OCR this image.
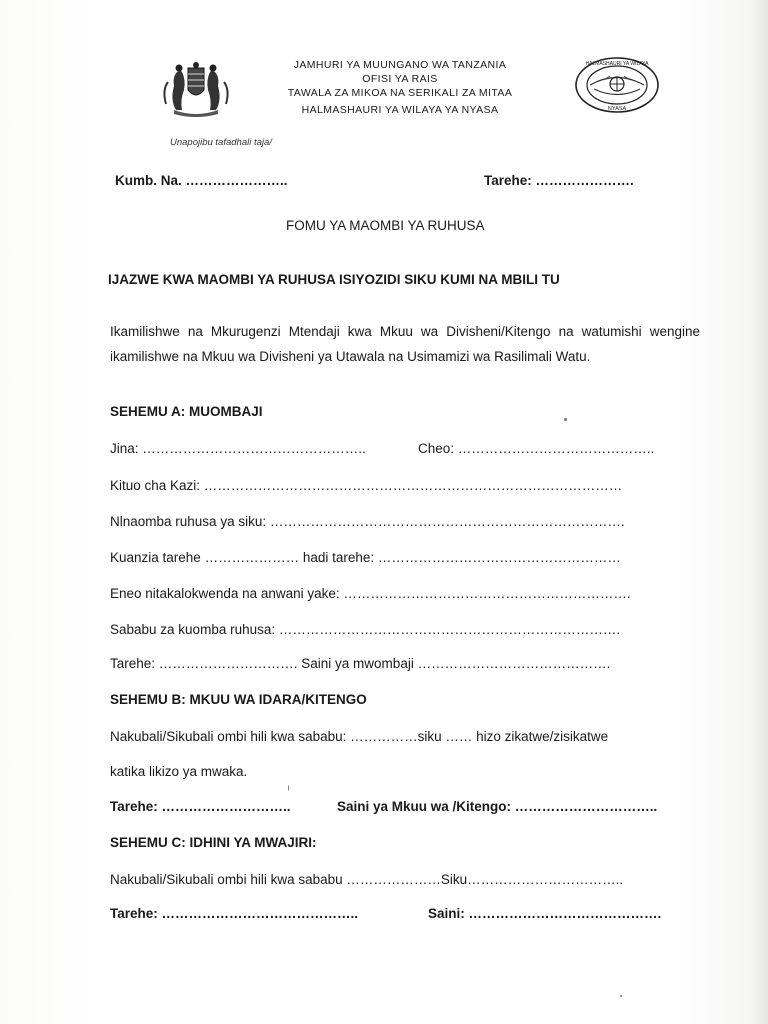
JAMHURI YA MUUNGANO WA TANZANIA
OFISI YA RAIS
TAWALA ZA MIKOA NA SERIKALI ZA MITAA
HALMASHAURI YA WILAYA YA NYASA
HALMASHAURI YA WILAYA
NYASA
Unapojibu tafadhali taja/
Kumb. Na. …………………..	Tarehe: ………………….
FOMU YA MAOMBI YA RUHUSA
IJAZWE KWA MAOMBI YA RUHUSA ISIYOZIDI SIKU KUMI NA MBILI TU
Ikamilishwe na Mkurugenzi Mtendaji kwa Mkuu wa Divisheni/Kitengo na watumishi wengine ikamilishwe na Mkuu wa Divisheni ya Utawala na Usimamizi wa Rasilimali Watu.
SEHEMU A: MUOMBAJI
Jina: …………………………………………..	Cheo: ……………………………………..
Kituo cha Kazi: …………………………………………………………………………………
Nlnaomba ruhusa ya siku: …………………………………………………………………….
Kuanzia tarehe ………………… hadi tarehe: ………………………………………………
Eneo nitakalokwenda na anwani yake: ……………………………………………………….
Sababu za kuomba ruhusa: ………………………………………………………………….
Tarehe: …………………………. Saini ya mwombaji …………………………………….
SEHEMU B: MKUU WA IDARA/KITENGO
Nakubali/Sikubali ombi hili kwa sababu: ……………siku …… hizo zikatwe/zisikatwe
katika likizo ya mwaka.
Tarehe: ………………………..	Saini ya Mkuu wa /Kitengo: …………………………..
SEHEMU C: IDHINI YA MWAJIRI:
Nakubali/Sikubali ombi hili kwa sababu …………………Siku……………………………..
Tarehe: ……………………………………..	Saini: …………………………………….
